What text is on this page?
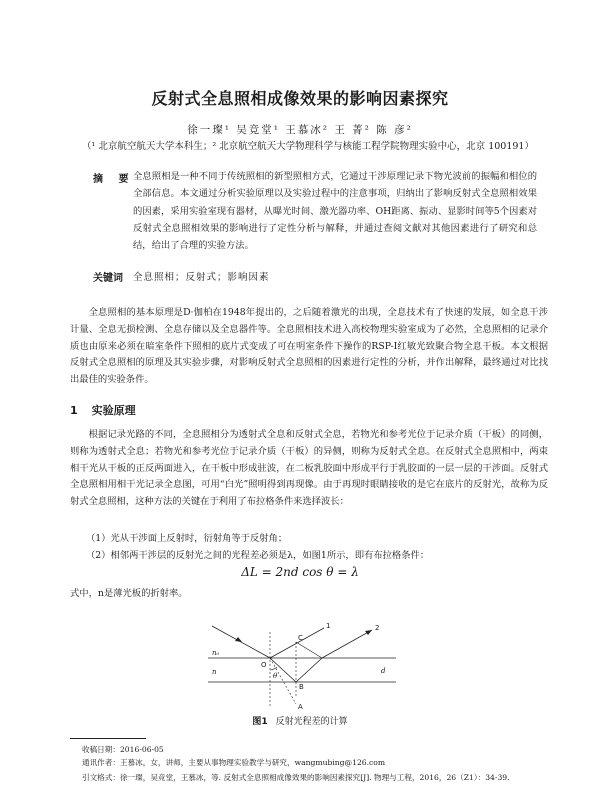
反射式全息照相成像效果的影响因素探究
徐一璨¹ 吴竞堂¹ 王慕冰² 王 菁² 陈 彦²
（¹ 北京航空航天大学本科生；² 北京航空航天大学物理科学与核能工程学院物理实验中心，北京 100191）
摘 要
全息照相是一种不同于传统照相的新型照相方式，它通过干涉原理记录下物光波前的振幅和相位的全部信息。本文通过分析实验原理以及实验过程中的注意事项，归纳出了影响反射式全息照相效果的因素，采用实验室现有器材，从曝光时间、激光器功率、OH距离、振动、显影时间等5个因素对反射式全息照相效果的影响进行了定性分析与解释，并通过查阅文献对其他因素进行了研究和总结，给出了合理的实验方法。
关键词 全息照相；反射式；影响因素
全息照相的基本原理是D·伽柏在1948年提出的，之后随着激光的出现，全息技术有了快速的发展，如全息干涉计量、全息无损检测、全息存储以及全息器件等。全息照相技术进入高校物理实验室成为了必然，全息照相的记录介质也由原来必须在暗室条件下照相的底片式变成了可在明室条件下操作的RSP-I红敏光致聚合物全息干板。本文根据反射式全息照相的原理及其实验步骤，对影响反射式全息照相的因素进行定性的分析，并作出解释，最终通过对比找出最佳的实验条件。
1 实验原理
根据记录光路的不同，全息照相分为透射式全息和反射式全息，若物光和参考光位于记录介质（干板）的同侧，则称为透射式全息；若物光和参考光位于记录介质（干板）的异侧，则称为反射式全息。在反射式全息照相中，两束相干光从干板的正反两面进入，在干板中形成驻波，在二板乳胶面中形成平行于乳胶面的一层一层的干涉面。反射式全息照相用相干光记录全息图，可用“白光”照明得到再现像。由于再现时眼睛接收的是它在底片的反射光，故称为反射式全息照相，这种方法的关键在于利用了布拉格条件来选择波长：
（1）光从干涉面上反射时，衍射角等于反射角；
（2）相邻两干涉层的反射光之间的光程差必须是λ，如图1所示，即有布拉格条件：
ΔL = 2nd cos θ = λ
式中，n是薄光板的折射率。
n₀
n	d
O
C
B
A
θ
1	2
图1 反射光程差的计算
收稿日期：2016-06-05
通讯作者：王慕冰，女，讲师，主要从事物理实验教学与研究，wangmubing@126.com
引文格式：徐一璨，吴竞堂，王慕冰，等. 反射式全息照相成像效果的影响因素探究[J]. 物理与工程，2016，26（Z1）：34-39.
